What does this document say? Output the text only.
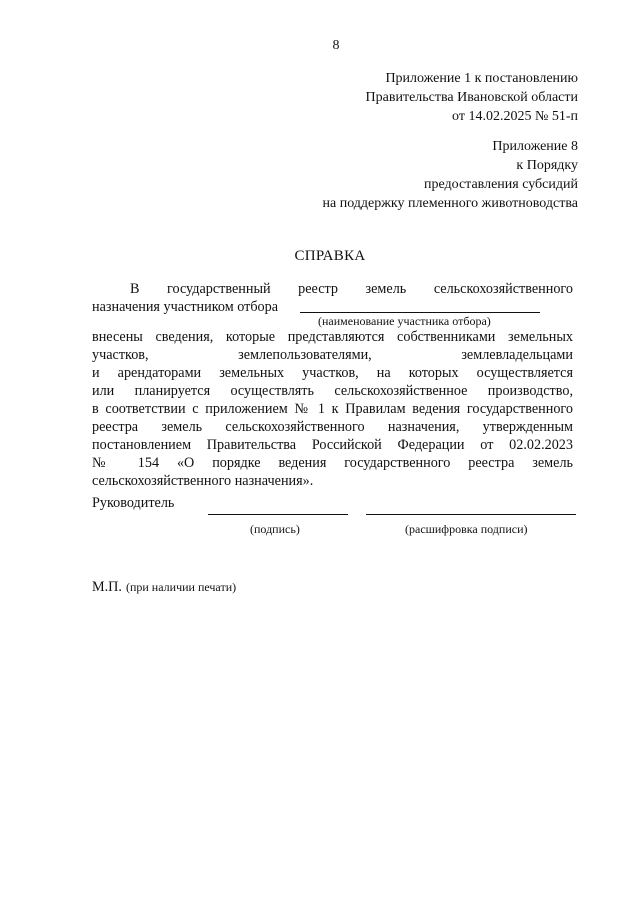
8
Приложение 1 к постановлению
Правительства Ивановской области
от 14.02.2025 № 51-п
Приложение 8
к Порядку
предоставления субсидий
на поддержку племенного животноводства
СПРАВКА
В государственный реестр земель сельскохозяйственного
назначения участником отбора
(наименование участника отбора)
внесены сведения, которые представляются собственниками земельных
участков, землепользователями, землевладельцами
и арендаторами земельных участков, на которых осуществляется
или планируется осуществлять сельскохозяйственное производство,
в соответствии с приложением № 1 к Правилам ведения государственного
реестра земель сельскохозяйственного назначения, утвержденным
постановлением Правительства Российской Федерации от 02.02.2023
№ 154 «О порядке ведения государственного реестра земель
сельскохозяйственного назначения».
Руководитель
(подпись)	(расшифровка подписи)
М.П. (при наличии печати)
